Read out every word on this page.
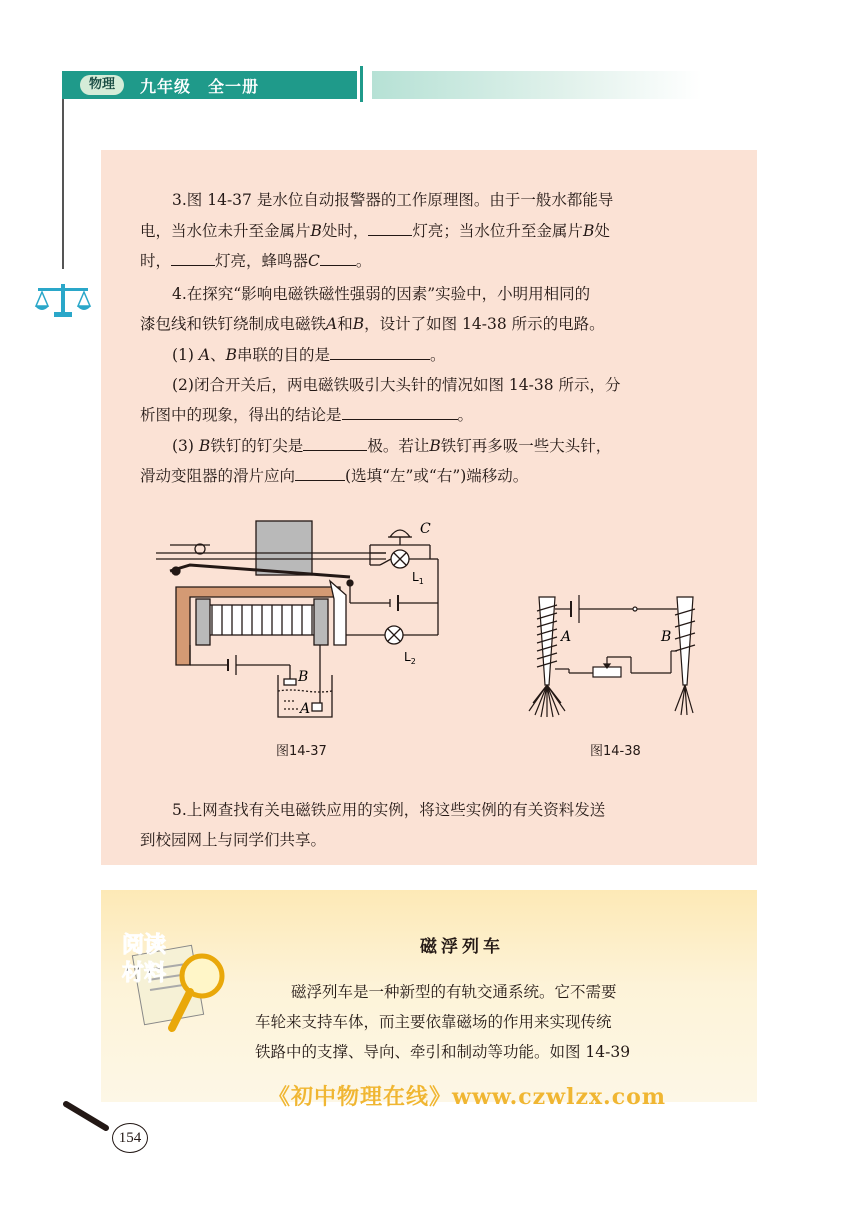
物理	九年级　全一册
3.图 14-37 是水位自动报警器的工作原理图。由于一般水都能导
电，当水位未升至金属片B处时，	灯亮；当水位升至金属片B处
时，	灯亮，蜂鸣器C 。
4.在探究“影响电磁铁磁性强弱的因素”实验中，小明用相同的
漆包线和铁钉绕制成电磁铁A和B，设计了如图 14-38 所示的电路。
(1) A、B串联的目的是	。
(2)闭合开关后，两电磁铁吸引大头针的情况如图 14-38 所示，分
析图中的现象，得出的结论是	。
(3) B铁钉的钉尖是	极。若让B铁钉再多吸一些大头针，
滑动变阻器的滑片应向	(选填“左”或“右”)端移动。
C
$L_1$
$L_2$
B
A
图14-37
A	B
图14-38
5.上网查找有关电磁铁应用的实例，将这些实例的有关资料发送
到校园网上与同学们共享。
阅读
材料
磁浮列车
磁浮列车是一种新型的有轨交通系统。它不需要
车轮来支持车体，而主要依靠磁场的作用来实现传统
铁路中的支撑、导向、牵引和制动等功能。如图 14-39
《初中物理在线》www.czwlzx.com
154
